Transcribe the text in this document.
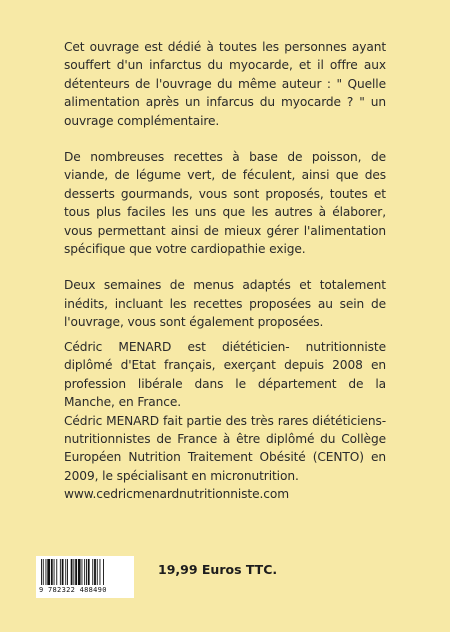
Cet ouvrage est dédié à toutes les personnes ayant souffert d'un infarctus du myocarde, et il offre aux détenteurs de l'ouvrage du même auteur : " Quelle alimentation après un infarcus du myocarde ? " un ouvrage complémentaire.

De nombreuses recettes à base de poisson, de viande, de légume vert, de féculent, ainsi que des desserts gourmands, vous sont proposés, toutes et tous plus faciles les uns que les autres à élaborer, vous permettant ainsi de mieux gérer l'alimentation spécifique que votre cardiopathie exige.

Deux semaines de menus adaptés et totalement inédits, incluant les recettes proposées au sein de l'ouvrage, vous sont également proposées.

Cédric MENARD est diététicien- nutritionniste diplômé d'Etat français, exerçant depuis 2008 en profession libérale dans le département de la Manche, en France.

Cédric MENARD fait partie des très rares diététiciens-nutritionnistes de France à être diplômé du Collège Européen Nutrition Traitement Obésité (CENTO) en 2009, le spécialisant en micronutrition.

www.cedricmenardnutritionniste.com
9 782322 488490
19,99 Euros TTC.
